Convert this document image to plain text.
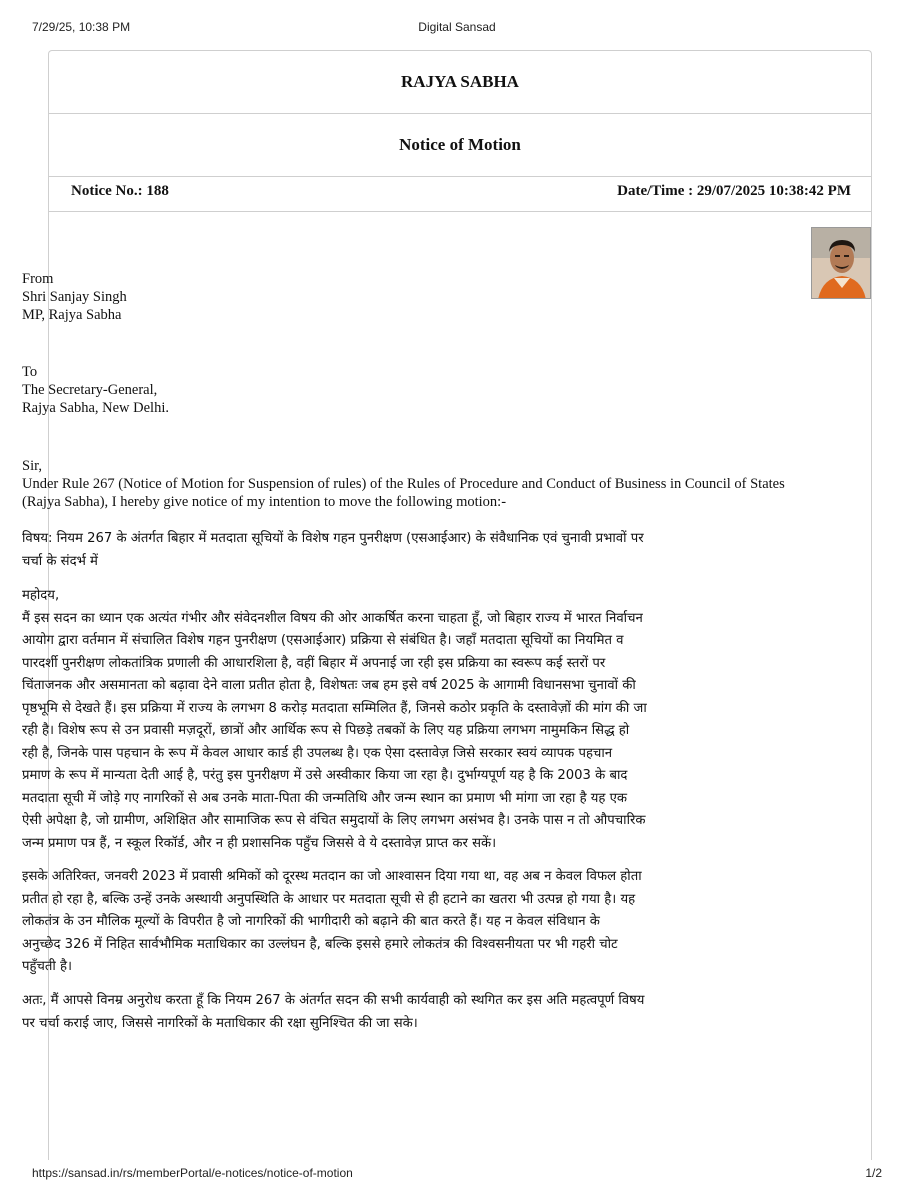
7/29/25, 10:38 PM	Digital Sansad
RAJYA SABHA
Notice of Motion
Notice No.: 188	Date/Time : 29/07/2025 10:38:42 PM
From
Shri Sanjay Singh
MP, Rajya Sabha
To
The Secretary-General,
Rajya Sabha, New Delhi.
Sir,
Under Rule 267 (Notice of Motion for Suspension of rules) of the Rules of Procedure and Conduct of Business in Council of States (Rajya Sabha), I hereby give notice of my intention to move the following motion:-
विषय: नियम 267 के अंतर्गत बिहार में मतदाता सूचियों के विशेष गहन पुनरीक्षण (एसआईआर) के संवैधानिक एवं चुनावी प्रभावों पर
चर्चा के संदर्भ में
महोदय,
मैं इस सदन का ध्यान एक अत्यंत गंभीर और संवेदनशील विषय की ओर आकर्षित करना चाहता हूँ, जो बिहार राज्य में भारत निर्वाचन
आयोग द्वारा वर्तमान में संचालित विशेष गहन पुनरीक्षण (एसआईआर) प्रक्रिया से संबंधित है। जहाँ मतदाता सूचियों का नियमित व
पारदर्शी पुनरीक्षण लोकतांत्रिक प्रणाली की आधारशिला है, वहीं बिहार में अपनाई जा रही इस प्रक्रिया का स्वरूप कई स्तरों पर
चिंताजनक और असमानता को बढ़ावा देने वाला प्रतीत होता है, विशेषतः जब हम इसे वर्ष 2025 के आगामी विधानसभा चुनावों की
पृष्ठभूमि से देखते हैं। इस प्रक्रिया में राज्य के लगभग 8 करोड़ मतदाता सम्मिलित हैं, जिनसे कठोर प्रकृति के दस्तावेज़ों की मांग की जा
रही है। विशेष रूप से उन प्रवासी मज़दूरों, छात्रों और आर्थिक रूप से पिछड़े तबकों के लिए यह प्रक्रिया लगभग नामुमकिन सिद्ध हो
रही है, जिनके पास पहचान के रूप में केवल आधार कार्ड ही उपलब्ध है। एक ऐसा दस्तावेज़ जिसे सरकार स्वयं व्यापक पहचान
प्रमाण के रूप में मान्यता देती आई है, परंतु इस पुनरीक्षण में उसे अस्वीकार किया जा रहा है। दुर्भाग्यपूर्ण यह है कि 2003 के बाद
मतदाता सूची में जोड़े गए नागरिकों से अब उनके माता-पिता की जन्मतिथि और जन्म स्थान का प्रमाण भी मांगा जा रहा है यह एक
ऐसी अपेक्षा है, जो ग्रामीण, अशिक्षित और सामाजिक रूप से वंचित समुदायों के लिए लगभग असंभव है। उनके पास न तो औपचारिक
जन्म प्रमाण पत्र हैं, न स्कूल रिकॉर्ड, और न ही प्रशासनिक पहुँच जिससे वे ये दस्तावेज़ प्राप्त कर सकें।
इसके अतिरिक्त, जनवरी 2023 में प्रवासी श्रमिकों को दूरस्थ मतदान का जो आश्वासन दिया गया था, वह अब न केवल विफल होता
प्रतीत हो रहा है, बल्कि उन्हें उनके अस्थायी अनुपस्थिति के आधार पर मतदाता सूची से ही हटाने का खतरा भी उत्पन्न हो गया है। यह
लोकतंत्र के उन मौलिक मूल्यों के विपरीत है जो नागरिकों की भागीदारी को बढ़ाने की बात करते हैं। यह न केवल संविधान के
अनुच्छेद 326 में निहित सार्वभौमिक मताधिकार का उल्लंघन है, बल्कि इससे हमारे लोकतंत्र की विश्वसनीयता पर भी गहरी चोट
पहुँचती है।
अतः, मैं आपसे विनम्र अनुरोध करता हूँ कि नियम 267 के अंतर्गत सदन की सभी कार्यवाही को स्थगित कर इस अति महत्वपूर्ण विषय
पर चर्चा कराई जाए, जिससे नागरिकों के मताधिकार की रक्षा सुनिश्चित की जा सके।
https://sansad.in/rs/memberPortal/e-notices/notice-of-motion	1/2
